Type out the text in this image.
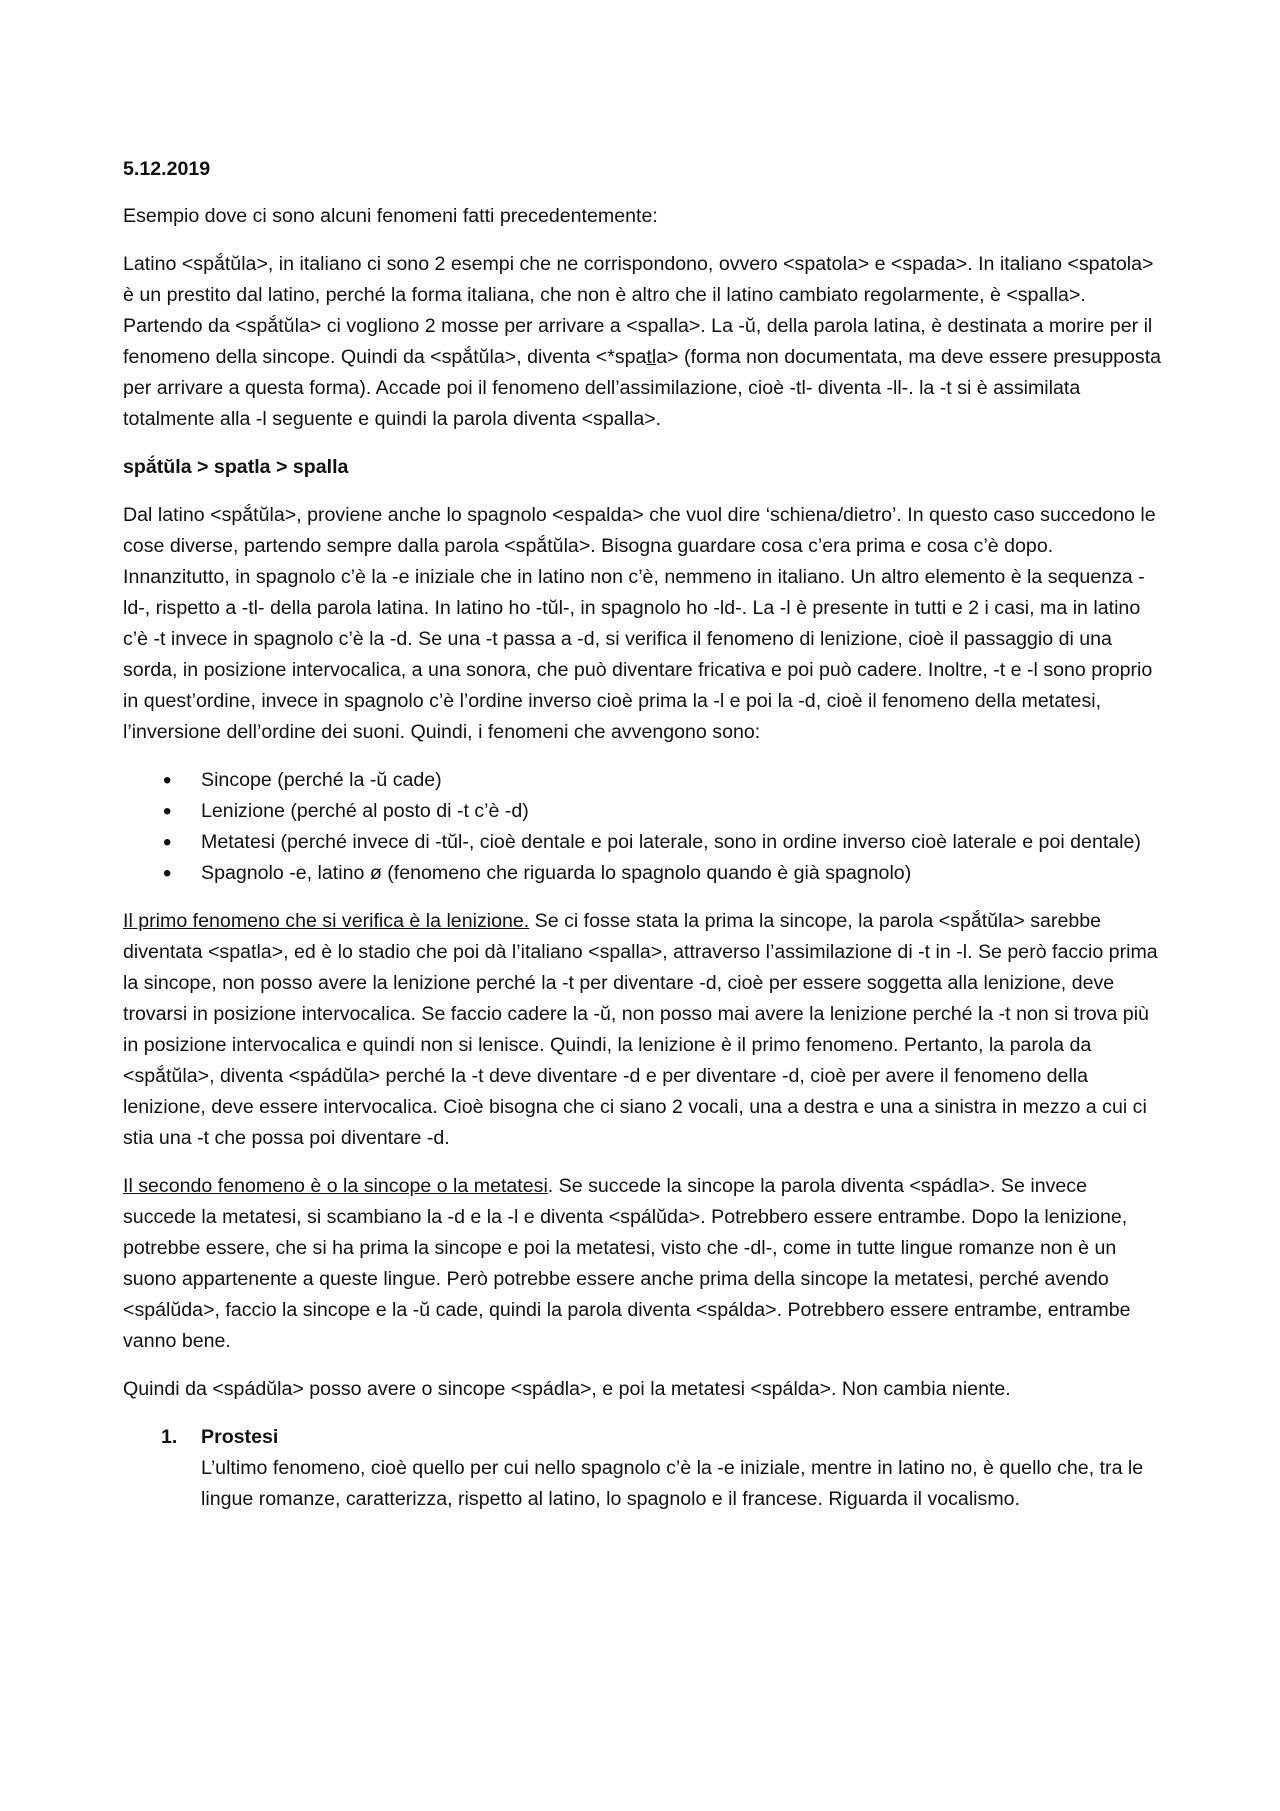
5.12.2019

Esempio dove ci sono alcuni fenomeni fatti precedentemente:

Latino <spắtŭla>, in italiano ci sono 2 esempi che ne corrispondono, ovvero <spatola> e <spada>. In italiano <spatola> è un prestito dal latino, perché la forma italiana, che non è altro che il latino cambiato regolarmente, è <spalla>. Partendo da <spắtŭla> ci vogliono 2 mosse per arrivare a <spalla>. La -ŭ, della parola latina, è destinata a morire per il fenomeno della sincope. Quindi da <spắtŭla>, diventa <*spatla> (forma non documentata, ma deve essere presupposta per arrivare a questa forma). Accade poi il fenomeno dell’assimilazione, cioè -tl- diventa -ll-. la -t si è assimilata totalmente alla -l seguente e quindi la parola diventa <spalla>.

spắtŭla > spatla > spalla

Dal latino <spắtŭla>, proviene anche lo spagnolo <espalda> che vuol dire ‘schiena/dietro’. In questo caso succedono le cose diverse, partendo sempre dalla parola <spắtŭla>. Bisogna guardare cosa c’era prima e cosa c’è dopo. Innanzitutto, in spagnolo c’è la -e iniziale che in latino non c’è, nemmeno in italiano. Un altro elemento è la sequenza -ld-, rispetto a -tl- della parola latina. In latino ho -tŭl-, in spagnolo ho -ld-. La -l è presente in tutti e 2 i casi, ma in latino c’è -t invece in spagnolo c’è la -d. Se una -t passa a -d, si verifica il fenomeno di lenizione, cioè il passaggio di una sorda, in posizione intervocalica, a una sonora, che può diventare fricativa e poi può cadere. Inoltre, -t e -l sono proprio in quest’ordine, invece in spagnolo c’è l’ordine inverso cioè prima la -l e poi la -d, cioè il fenomeno della metatesi, l’inversione dell’ordine dei suoni. Quindi, i fenomeni che avvengono sono:

• Sincope (perché la -ŭ cade)
• Lenizione (perché al posto di -t c’è -d)
• Metatesi (perché invece di -tŭl-, cioè dentale e poi laterale, sono in ordine inverso cioè laterale e poi dentale)
• Spagnolo -e, latino ø (fenomeno che riguarda lo spagnolo quando è già spagnolo)

Il primo fenomeno che si verifica è la lenizione. Se ci fosse stata la prima la sincope, la parola <spắtŭla> sarebbe diventata <spatla>, ed è lo stadio che poi dà l’italiano <spalla>, attraverso l’assimilazione di -t in -l. Se però faccio prima la sincope, non posso avere la lenizione perché la -t per diventare -d, cioè per essere soggetta alla lenizione, deve trovarsi in posizione intervocalica. Se faccio cadere la -ŭ, non posso mai avere la lenizione perché la -t non si trova più in posizione intervocalica e quindi non si lenisce. Quindi, la lenizione è il primo fenomeno. Pertanto, la parola da <spắtŭla>, diventa <spádŭla> perché la -t deve diventare -d e per diventare -d, cioè per avere il fenomeno della lenizione, deve essere intervocalica. Cioè bisogna che ci siano 2 vocali, una a destra e una a sinistra in mezzo a cui ci stia una -t che possa poi diventare -d.

Il secondo fenomeno è o la sincope o la metatesi. Se succede la sincope la parola diventa <spádla>. Se invece succede la metatesi, si scambiano la -d e la -l e diventa <spálŭda>. Potrebbero essere entrambe. Dopo la lenizione, potrebbe essere, che si ha prima la sincope e poi la metatesi, visto che -dl-, come in tutte lingue romanze non è un suono appartenente a queste lingue. Però potrebbe essere anche prima della sincope la metatesi, perché avendo <spálŭda>, faccio la sincope e la -ŭ cade, quindi la parola diventa <spálda>. Potrebbero essere entrambe, entrambe vanno bene.

Quindi da <spádŭla> posso avere o sincope <spádla>, e poi la metatesi <spálda>. Non cambia niente.

1. Prostesi
L’ultimo fenomeno, cioè quello per cui nello spagnolo c’è la -e iniziale, mentre in latino no, è quello che, tra le lingue romanze, caratterizza, rispetto al latino, lo spagnolo e il francese. Riguarda il vocalismo.
